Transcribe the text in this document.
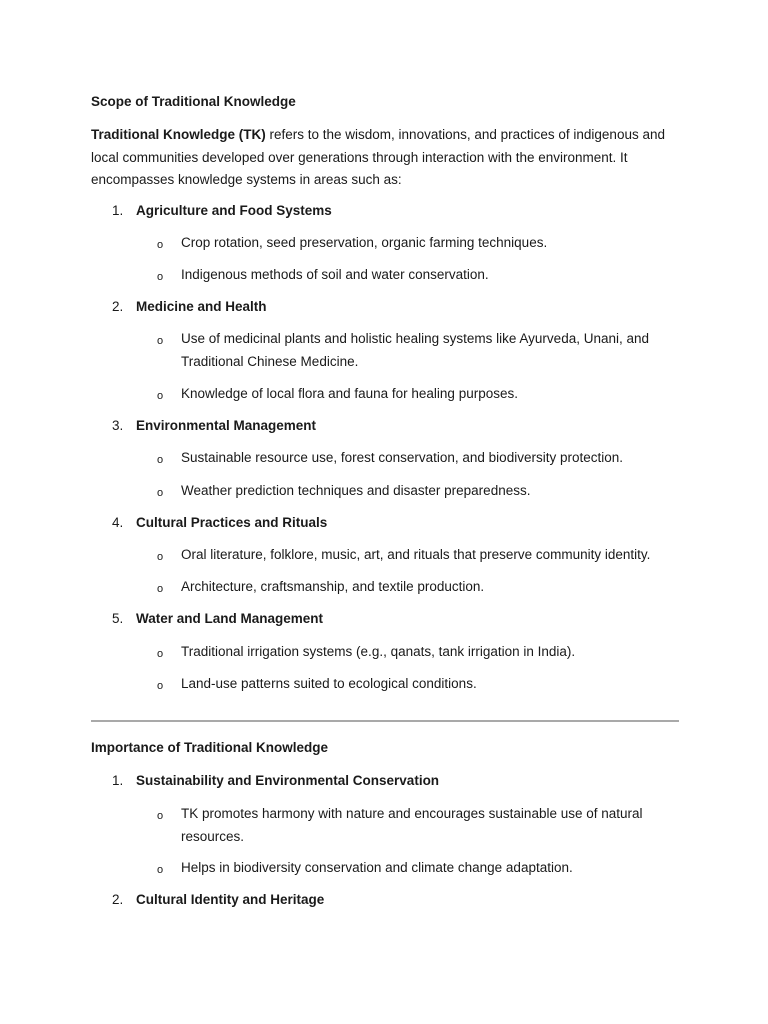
Scope of Traditional Knowledge
Traditional Knowledge (TK) refers to the wisdom, innovations, and practices of indigenous and
local communities developed over generations through interaction with the environment. It
encompasses knowledge systems in areas such as:
1. Agriculture and Food Systems
o Crop rotation, seed preservation, organic farming techniques.
o Indigenous methods of soil and water conservation.
2. Medicine and Health
o Use of medicinal plants and holistic healing systems like Ayurveda, Unani, and
Traditional Chinese Medicine.
o Knowledge of local flora and fauna for healing purposes.
3. Environmental Management
o Sustainable resource use, forest conservation, and biodiversity protection.
o Weather prediction techniques and disaster preparedness.
4. Cultural Practices and Rituals
o Oral literature, folklore, music, art, and rituals that preserve community identity.
o Architecture, craftsmanship, and textile production.
5. Water and Land Management
o Traditional irrigation systems (e.g., qanats, tank irrigation in India).
o Land-use patterns suited to ecological conditions.
Importance of Traditional Knowledge
1. Sustainability and Environmental Conservation
o TK promotes harmony with nature and encourages sustainable use of natural
resources.
o Helps in biodiversity conservation and climate change adaptation.
2. Cultural Identity and Heritage
